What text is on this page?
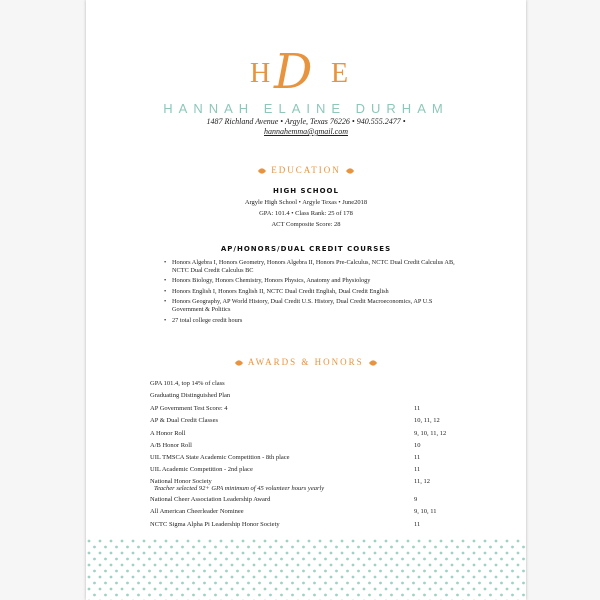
H D E
HANNAH ELAINE DURHAM
1487 Richland Avenue • Argyle, Texas 76226 • 940.555.2477 •
hannahemma@gmail.com
EDUCATION
HIGH SCHOOL
Argyle High School • Argyle Texas • June2018
GPA: 101.4 • Class Rank: 25 of 178
ACT Composite Score: 28
AP/HONORS/DUAL CREDIT COURSES
• Honors Algebra I, Honors Geometry, Honors Algebra II, Honors Pre-Calculus, NCTC Dual Credit Calculus AB, NCTC Dual Credit Calculus BC
• Honors Biology, Honors Chemistry, Honors Physics, Anatomy and Physiology
• Honors English I, Honors English II, NCTC Dual Credit English, Dual Credit English
• Honors Geography, AP World History, Dual Credit U.S. History, Dual Credit Macroeconomics, AP U.S Government & Politics
• 27 total college credit hours
AWARDS & HONORS
GPA 101.4, top 14% of class
Graduating Distinguished Plan
AP Government Test Score: 4	11
AP & Dual Credit Classes	10, 11, 12
A Honor Roll	9, 10, 11, 12
A/B Honor Roll	10
UIL TMSCA State Academic Competition - 8th place	11
UIL Academic Competition - 2nd place	11
National Honor Society	11, 12
Teacher selected 92+ GPA minimum of 45 volunteer hours yearly
National Cheer Association Leadership Award	9
All American Cheerleader Nominee	9, 10, 11
NCTC Sigma Alpha Pi Leadership Honor Society	11
